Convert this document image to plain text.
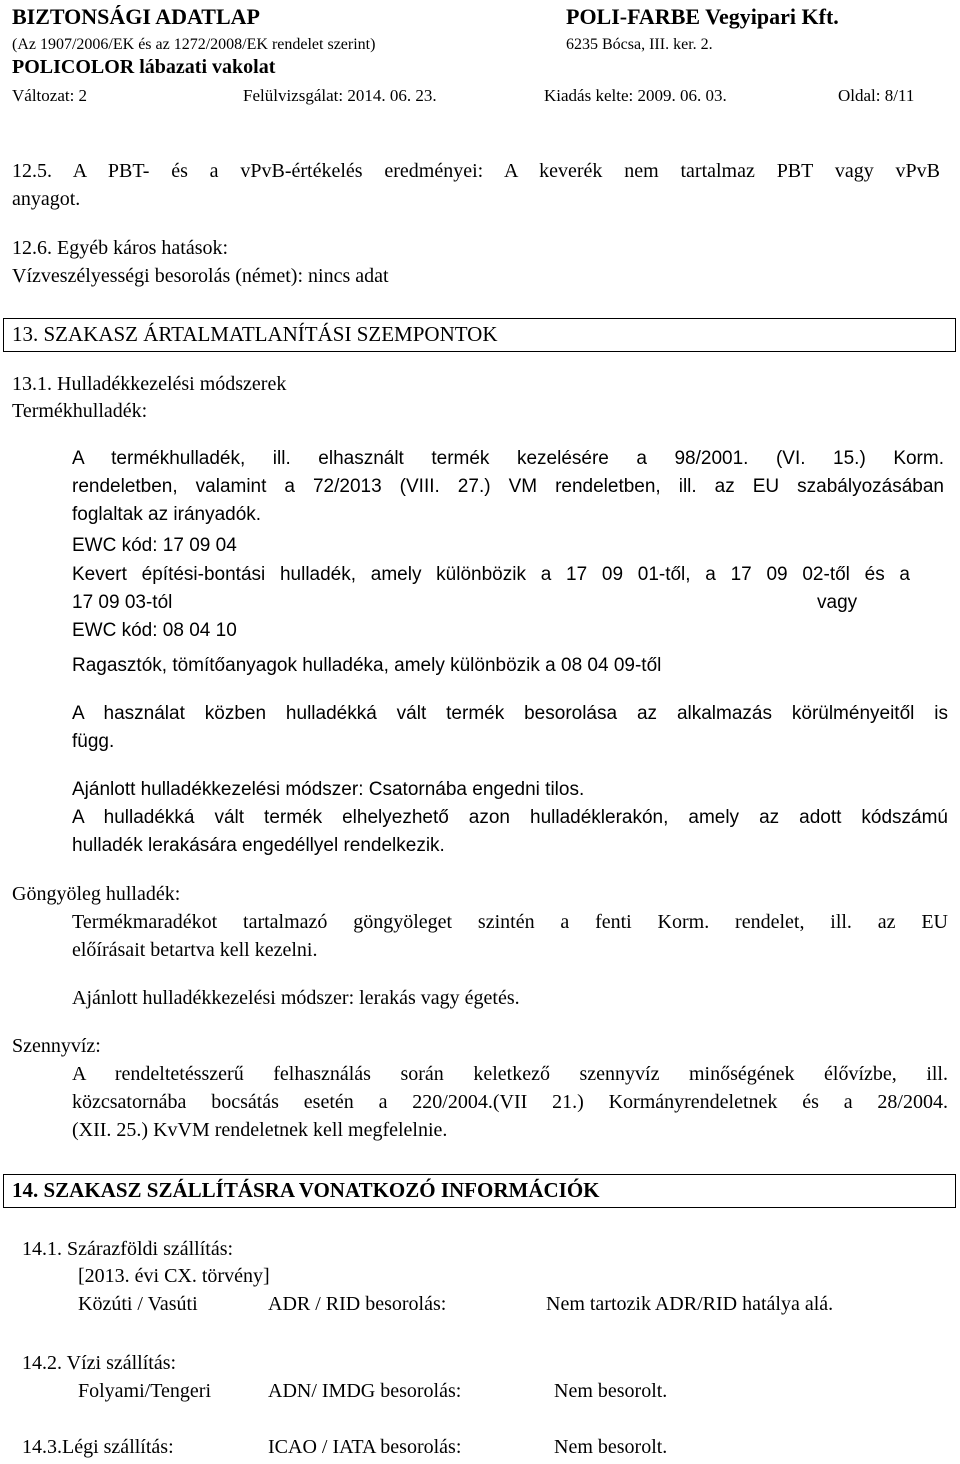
BIZTONSÁGI ADATLAP	POLI-FARBE Vegyipari Kft.
(Az 1907/2006/EK és az 1272/2008/EK rendelet szerint)	6235 Bócsa, III. ker. 2.
POLICOLOR lábazati vakolat
Változat: 2	Felülvizsgálat: 2014. 06. 23.	Kiadás kelte: 2009. 06. 03.	Oldal: 8/11
12.5. A PBT- és a vPvB-értékelés eredményei: A keverék nem tartalmaz PBT vagy vPvB
anyagot.
12.6. Egyéb káros hatások:
Vízveszélyességi besorolás (német): nincs adat
13. SZAKASZ ÁRTALMATLANÍTÁSI SZEMPONTOK
13.1. Hulladékkezelési módszerek
Termékhulladék:
A termékhulladék, ill. elhasznált termék kezelésére a 98/2001. (VI. 15.) Korm.
rendeletben, valamint a 72/2013 (VIII. 27.) VM rendeletben, ill. az EU szabályozásában
foglaltak az irányadók.
EWC kód: 17 09 04
Kevert építési-bontási hulladék, amely különbözik a 17 09 01-től, a 17 09 02-től és a
17 09 03-tól	vagy
EWC kód: 08 04 10
Ragasztók, tömítőanyagok hulladéka, amely különbözik a 08 04 09-től
A használat közben hulladékká vált termék besorolása az alkalmazás körülményeitől is
függ.
Ajánlott hulladékkezelési módszer: Csatornába engedni tilos.
A hulladékká vált termék elhelyezhető azon hulladéklerakón, amely az adott kódszámú
hulladék lerakására engedéllyel rendelkezik.
Göngyöleg hulladék:
Termékmaradékot tartalmazó göngyöleget szintén a fenti Korm. rendelet, ill. az EU
előírásait betartva kell kezelni.
Ajánlott hulladékkezelési módszer: lerakás vagy égetés.
Szennyvíz:
A rendeltetésszerű felhasználás során keletkező szennyvíz minőségének élővízbe, ill.
közcsatornába bocsátás esetén a 220/2004.(VII 21.) Kormányrendeletnek és a 28/2004.
(XII. 25.) KvVM rendeletnek kell megfelelnie.
14. SZAKASZ SZÁLLÍTÁSRA VONATKOZÓ INFORMÁCIÓK
14.1. Szárazföldi szállítás:
[2013. évi CX. törvény]
Közúti / Vasúti	ADR / RID besorolás:	Nem tartozik ADR/RID hatálya alá.
14.2. Vízi szállítás:
Folyami/Tengeri	ADN/ IMDG besorolás:	Nem besorolt.
14.3.Légi szállítás:	ICAO / IATA besorolás:	Nem besorolt.
